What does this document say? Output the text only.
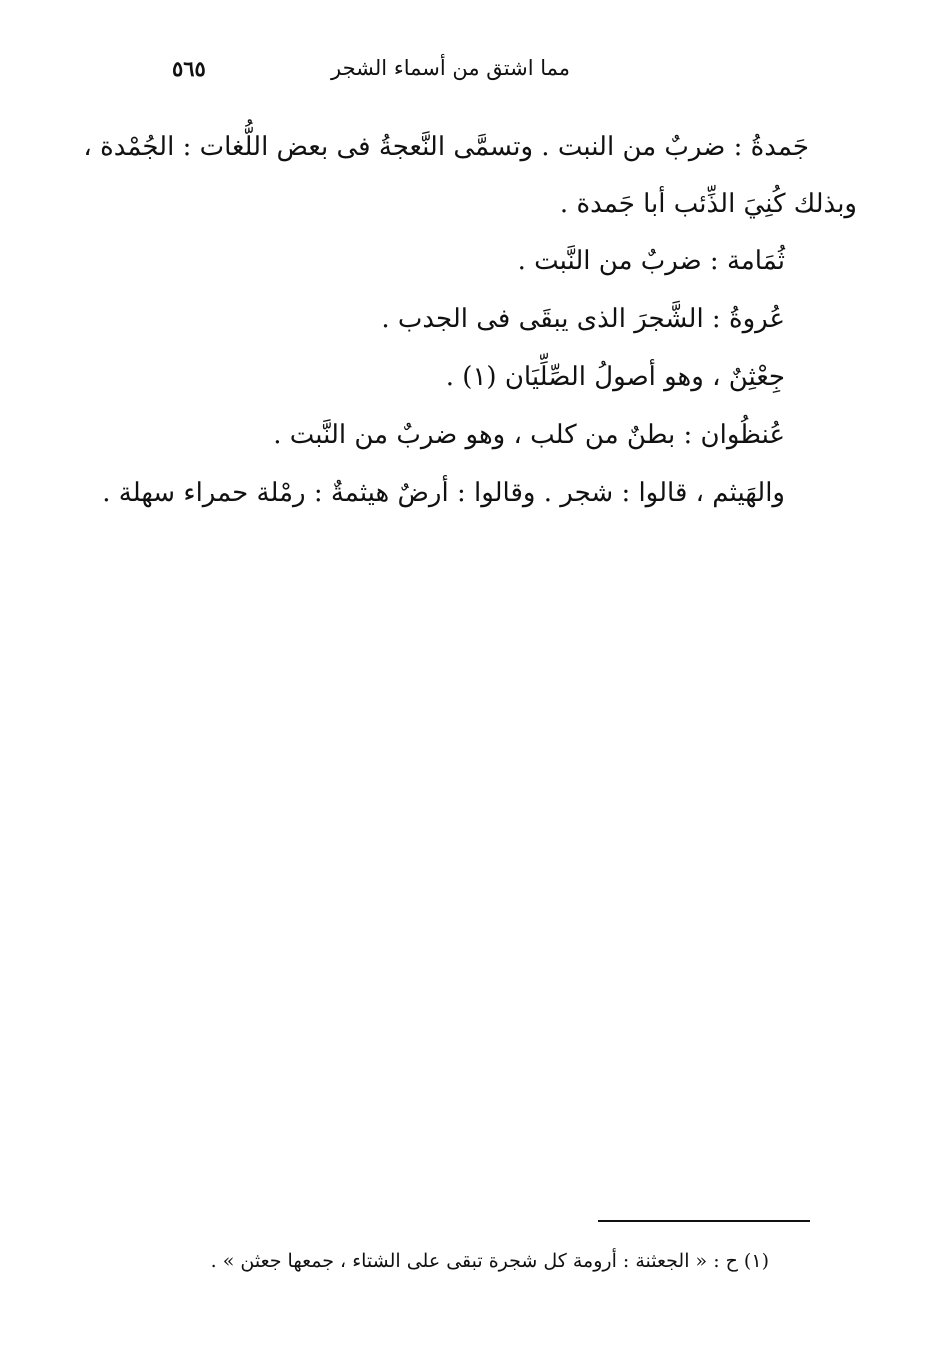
مما اشتق من أسماء الشجر
٥٦٥
جَمدةُ : ضربٌ من النبت . وتسمَّى النَّعجةُ فى بعض اللُّغات : الجُمْدة ،
وبذلك كُنِيَ الذِّئب أبا جَمدة .
ثُمَامة : ضربٌ من النَّبت .
عُروةُ : الشَّجرَ الذى يبقَى فى الجدب .
جِعْثِنٌ ، وهو أصولُ الصِّلِّيَان (١) .
عُنظُوان : بطنٌ من كلب ، وهو ضربٌ من النَّبت .
والهَيثم ، قالوا : شجر . وقالوا : أرضٌ هيثمةٌ : رمْلة حمراء سهلة .
(١) ح : « الجعثنة : أرومة كل شجرة تبقى على الشتاء ، جمعها جعثن » .
